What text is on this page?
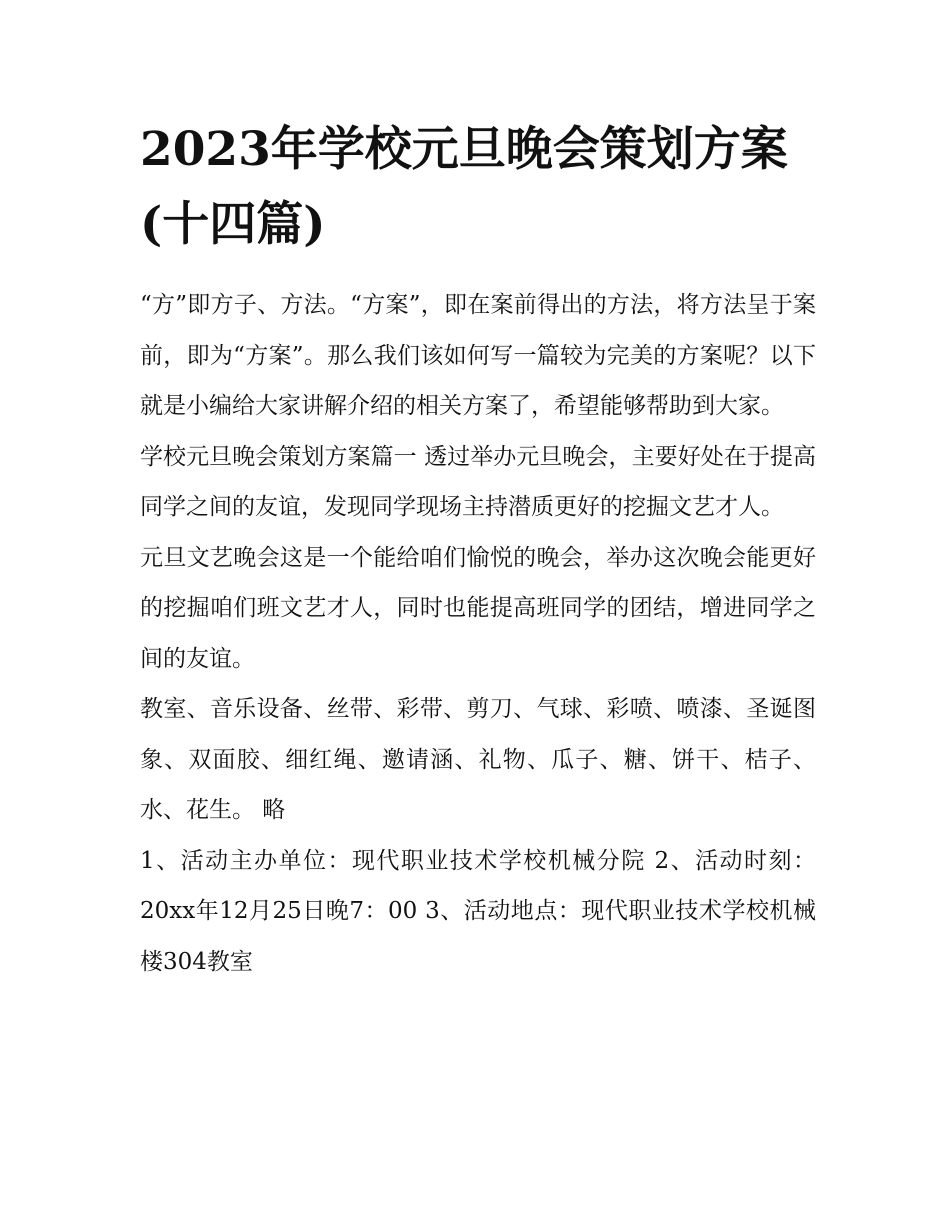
2023年学校元旦晚会策划方案(十四篇)

“方”即方子、方法。“方案”，即在案前得出的方法，将方法呈于案前，即为“方案”。那么我们该如何写一篇较为完美的方案呢？以下就是小编给大家讲解介绍的相关方案了，希望能够帮助到大家。

学校元旦晚会策划方案篇一 透过举办元旦晚会，主要好处在于提高同学之间的友谊，发现同学现场主持潜质更好的挖掘文艺才人。

元旦文艺晚会这是一个能给咱们愉悦的晚会，举办这次晚会能更好的挖掘咱们班文艺才人，同时也能提高班同学的团结，增进同学之间的友谊。

教室、音乐设备、丝带、彩带、剪刀、气球、彩喷、喷漆、圣诞图象、双面胶、细红绳、邀请涵、礼物、瓜子、糖、饼干、桔子、水、花生。 略

1、活动主办单位：现代职业技术学校机械分院 2、活动时刻：20xx年12月25日晚7：00 3、活动地点：现代职业技术学校机械楼304教室
